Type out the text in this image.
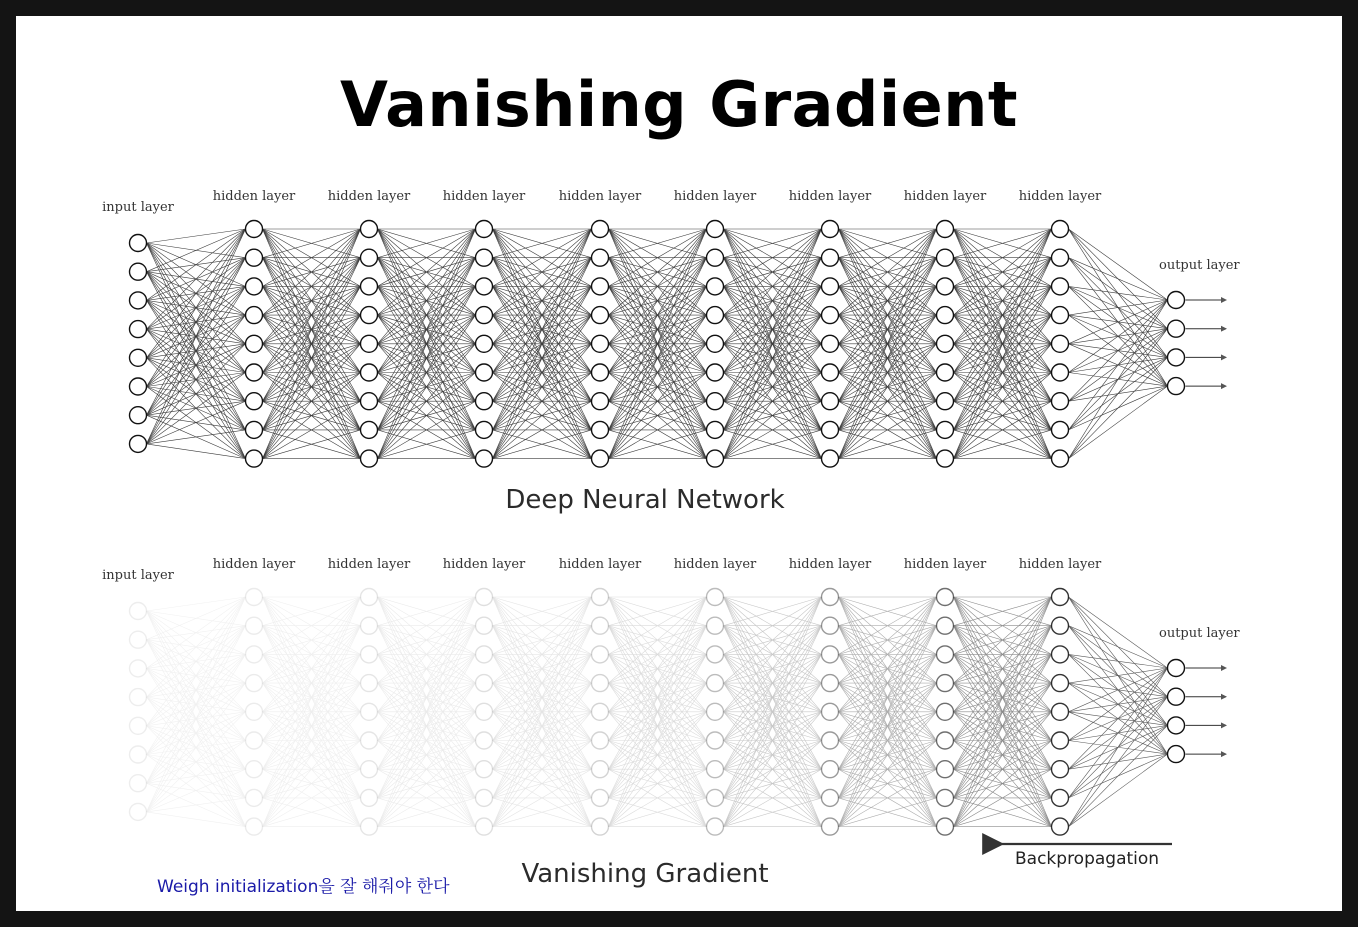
Vanishing Gradient
input layer
hidden layer hidden layer hidden layer	hidden layer hidden layer hidden layer hidden layer hidden layer
output layer
Deep Neural Network
input layer
hidden layer hidden layer hidden layer	hidden layer hidden layer hidden layer hidden layer hidden layer
output layer
Vanishing Gradient	Backpropagation
Weigh initialization을 잘 해줘야 한다
